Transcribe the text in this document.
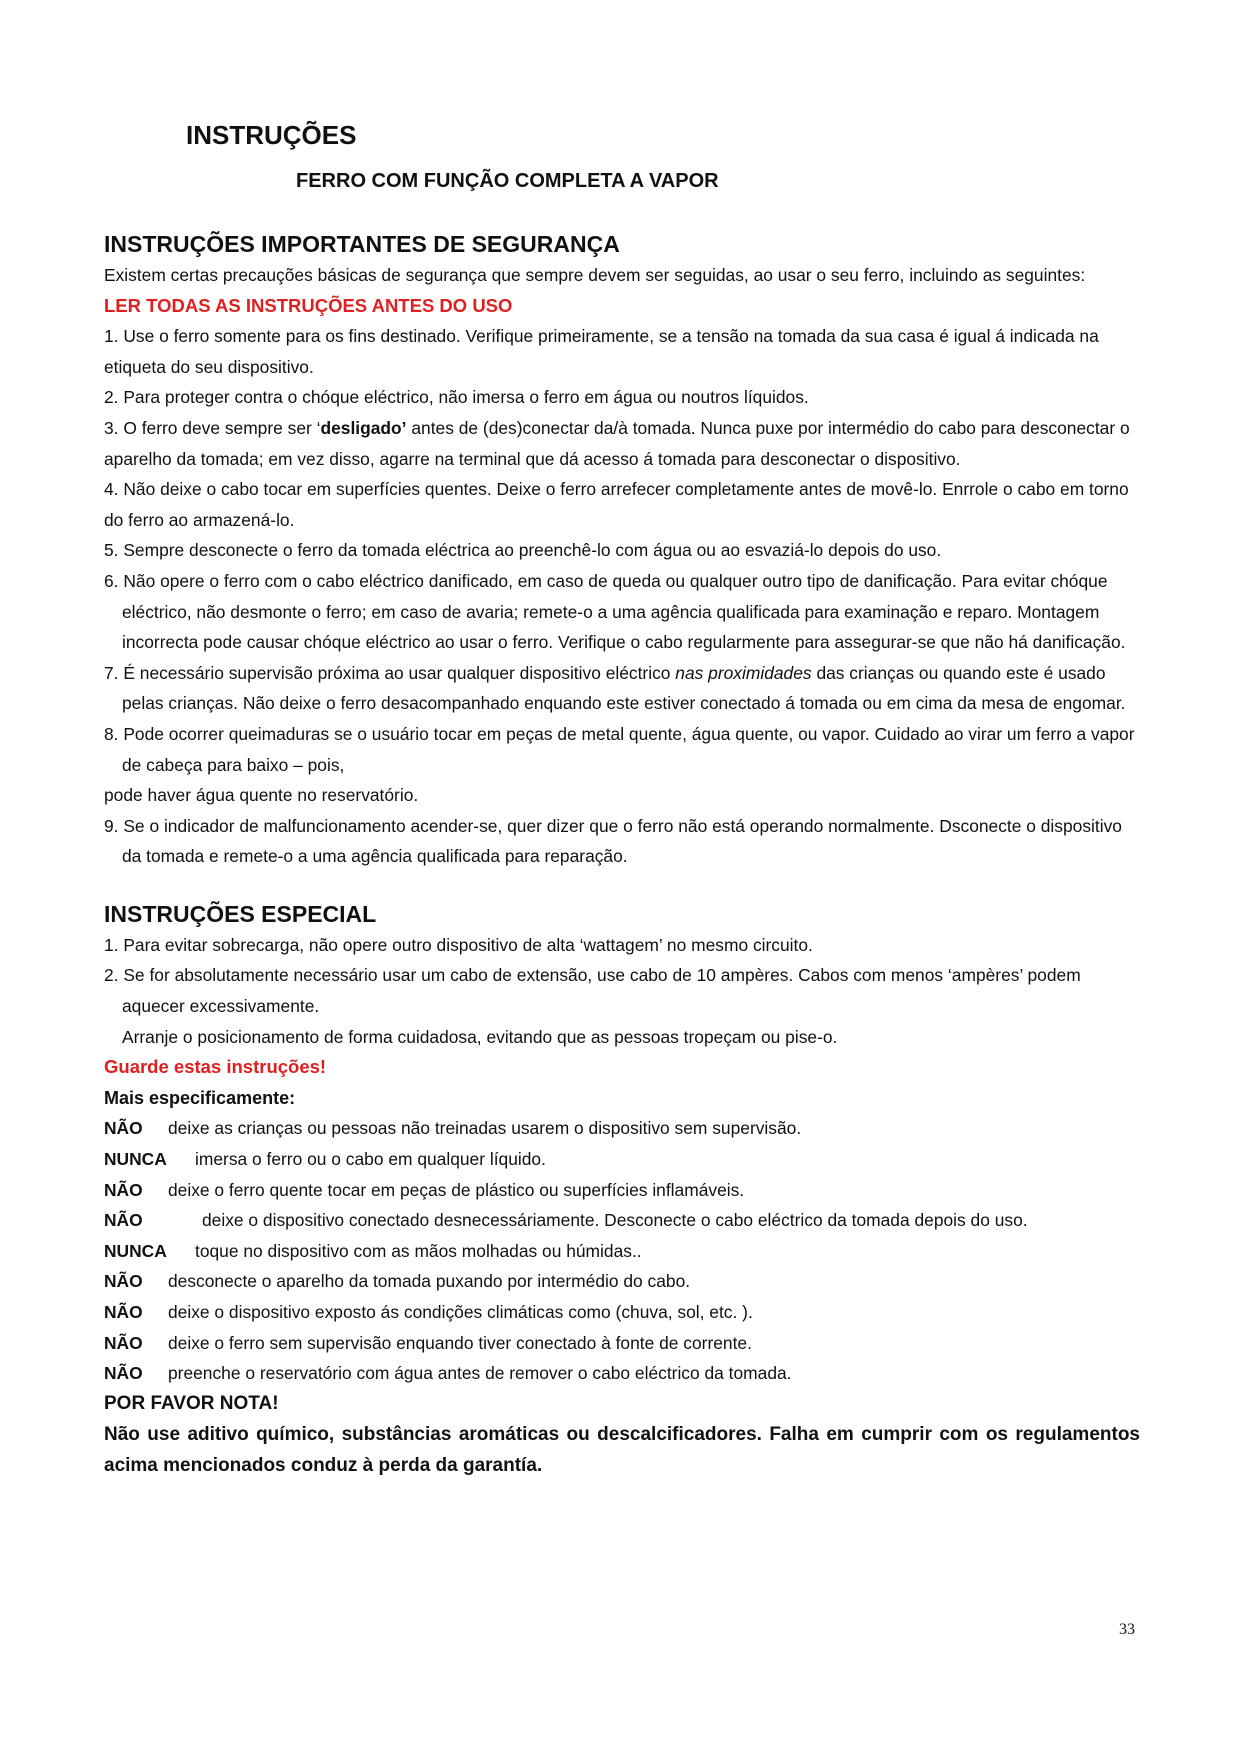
INSTRUÇÕES
FERRO COM FUNÇÃO COMPLETA A VAPOR
INSTRUÇÕES IMPORTANTES DE SEGURANÇA

Existem certas precauções básicas de segurança que sempre devem ser seguidas, ao usar o seu ferro, incluindo as seguintes:

LER TODAS AS INSTRUÇÕES ANTES DO USO

1. Use o ferro somente para os fins destinado. Verifique primeiramente, se a tensão na tomada da sua casa é igual á indicada na etiqueta do seu dispositivo.

2. Para proteger contra o chóque eléctrico, não imersa o ferro em água ou noutros líquidos.

3. O ferro deve sempre ser ‘desligado’ antes de (des)conectar da/à tomada. Nunca puxe por intermédio do cabo para desconectar o aparelho da tomada; em vez disso, agarre na terminal que dá acesso á tomada para desconectar o dispositivo.

4. Não deixe o cabo tocar em superfícies quentes. Deixe o ferro arrefecer completamente antes de movê-lo. Enrrole o cabo em torno do ferro ao armazená-lo.

5. Sempre desconecte o ferro da tomada eléctrica ao preenchê-lo com água ou ao esvaziá-lo depois do uso.

6. Não opere o ferro com o cabo eléctrico danificado, em caso de queda ou qualquer outro tipo de danificação. Para evitar chóque eléctrico, não desmonte o ferro; em caso de avaria; remete-o a uma agência qualificada para examinação e reparo. Montagem incorrecta pode causar chóque eléctrico ao usar o ferro. Verifique o cabo regularmente para assegurar-se que não há danificação.

7. É necessário supervisão próxima ao usar qualquer dispositivo eléctrico nas proximidades das crianças ou quando este é usado pelas crianças. Não deixe o ferro desacompanhado enquando este estiver conectado á tomada ou em cima da mesa de engomar.

8. Pode ocorrer queimaduras se o usuário tocar em peças de metal quente, água quente, ou vapor. Cuidado ao virar um ferro a vapor de cabeça para baixo – pois,

pode haver água quente no reservatório.

9. Se o indicador de malfuncionamento acender-se, quer dizer que o ferro não está operando normalmente. Dsconecte o dispositivo da tomada e remete-o a uma agência qualificada para reparação.

INSTRUÇÕES ESPECIAL

1. Para evitar sobrecarga, não opere outro dispositivo de alta ‘wattagem’ no mesmo circuito.

2. Se for absolutamente necessário usar um cabo de extensão, use cabo de 10 ampères. Cabos com menos ‘ampères’ podem aquecer excessivamente.

Arranje o posicionamento de forma cuidadosa, evitando que as pessoas tropeçam ou pise-o.

Guarde estas instruções!

Mais especificamente:

NÃO deixe as crianças ou pessoas não treinadas usarem o dispositivo sem supervisão.

NUNCA imersa o ferro ou o cabo em qualquer líquido.

NÃO deixe o ferro quente tocar em peças de plástico ou superfícies inflamáveis.

NÃO	deixe o dispositivo conectado desnecessáriamente. Desconecte o cabo eléctrico da tomada depois do uso.

NUNCA toque no dispositivo com as mãos molhadas ou húmidas..

NÃO desconecte o aparelho da tomada puxando por intermédio do cabo.

NÃO deixe o dispositivo exposto ás condições climáticas como (chuva, sol, etc. ).

NÃO deixe o ferro sem supervisão enquando tiver conectado à fonte de corrente.

NÃO preenche o reservatório com água antes de remover o cabo eléctrico da tomada.

POR FAVOR NOTA!

Não use aditivo químico, substâncias aromáticas ou descalcificadores. Falha em cumprir com os regulamentos acima mencionados conduz à perda da garantía.

33
